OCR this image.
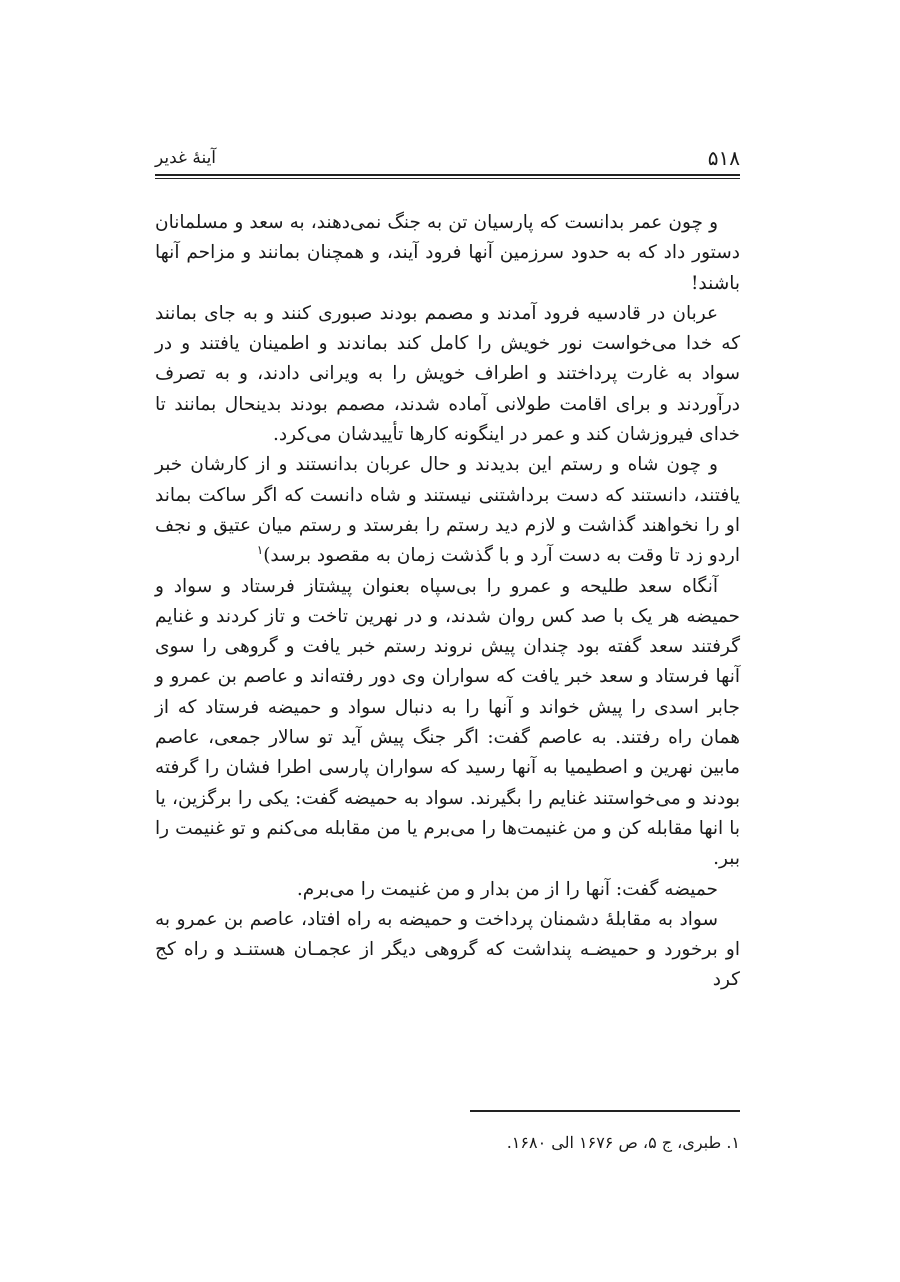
آینهٔ غدیر	۵۱۸

و چون عمر بدانست که پارسیان تن به جنگ نمی‌دهند، به سعد و مسلمانان دستور داد که به حدود سرزمین آنها فرود آیند، و همچنان بمانند و مزاحم آنها باشند!

عربان در قادسیه فرود آمدند و مصمم بودند صبوری کنند و به جای بمانند که خدا می‌خواست نور خویش را کامل کند بماندند و اطمینان یافتند و در سواد به غارت پرداختند و اطراف خویش را به ویرانی دادند، و به تصرف درآوردند و برای اقامت طولانی آماده شدند، مصمم بودند بدینحال بمانند تا خدای فیروزشان کند و عمر در اینگونه کارها تأییدشان می‌کرد.

و چون شاه و رستم این بدیدند و حال عربان بدانستند و از کارشان خبر یافتند، دانستند که دست برداشتنی نیستند و شاه دانست که اگر ساکت بماند او را نخواهند گذاشت و لازم دید رستم را بفرستد و رستم میان عتیق و نجف اردو زد تا وقت به دست آرد و با گذشت زمان به مقصود برسد)$^۱$

آنگاه سعد طلیحه و عمرو را بی‌سپاه بعنوان پیشتاز فرستاد و سواد و حمیضه هر یک با صد کس روان شدند، و در نهرین تاخت و تاز کردند و غنایم گرفتند سعد گفته بود چندان پیش نروند رستم خبر یافت و گروهی را سوی آنها فرستاد و سعد خبر یافت که سواران وی دور رفته‌اند و عاصم بن عمرو و جابر اسدی را پیش خواند و آنها را به دنبال سواد و حمیضه فرستاد که از همان راه رفتند. به عاصم گفت: اگر جنگ پیش آید تو سالار جمعی، عاصم مابین نهرین و اصطیمیا به آنها رسید که سواران پارسی اطرا فشان را گرفته بودند و می‌خواستند غنایم را بگیرند. سواد به حمیضه گفت: یکی را برگزین، یا با انها مقابله کن و من غنیمت‌ها را می‌برم یا من مقابله می‌کنم و تو غنیمت را ببر.

حمیضه گفت: آنها را از من بدار و من غنیمت را می‌برم.

سواد به مقابلهٔ دشمنان پرداخت و حمیضه به راه افتاد، عاصم بن عمرو به او برخورد و حمیضـه پنداشت که گروهی دیگر از عجمـان هستنـد و راه کج کرد

۱. طبری، ج ۵، ص ۱۶۷۶ الی ۱۶۸۰.
